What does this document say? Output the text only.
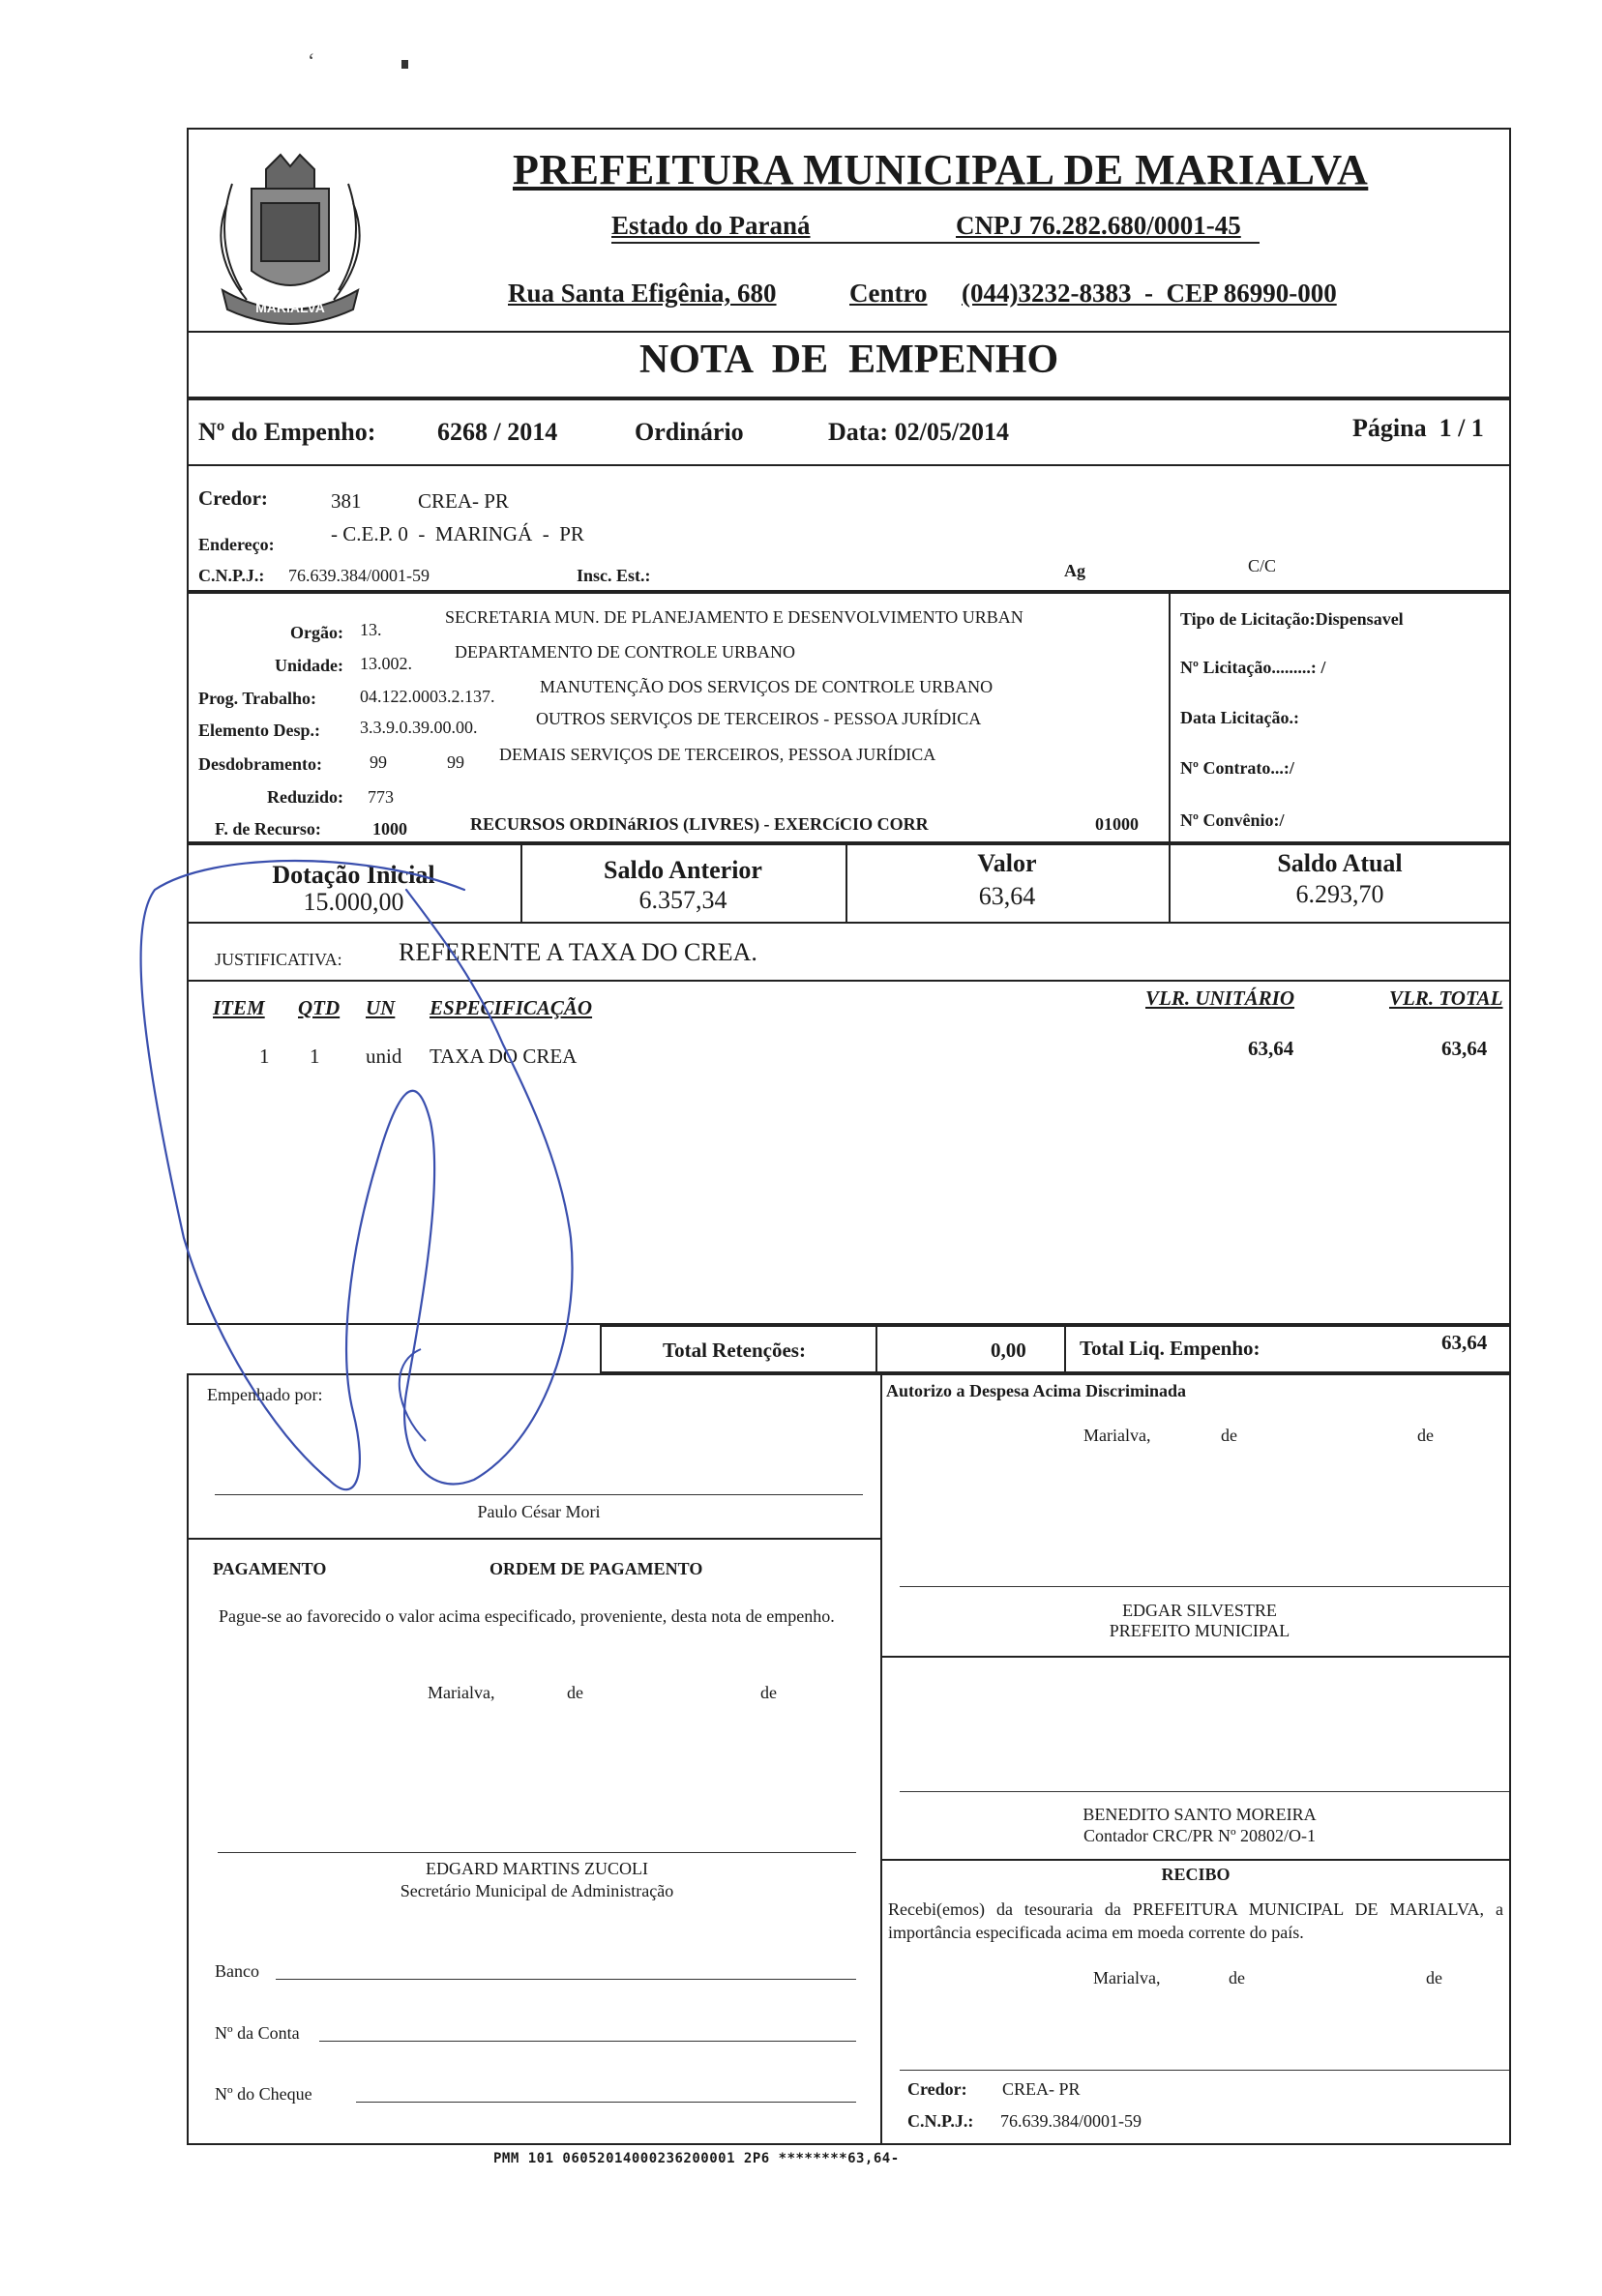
ʻ
MARIALVA
PREFEITURA MUNICIPAL DE MARIALVA
Estado do Paraná	CNPJ 76.282.680/0001-45
Rua Santa Efigênia, 680	Centro (044)3232-8383  -  CEP 86990-000
NOTA  DE  EMPENHO
Nº do Empenho: 6268 / 2014	Ordinário	Data: 02/05/2014	Página  1 / 1
Credor:	381	CREA- PR
Endereço:	- C.E.P. 0  -  MARINGÁ  -  PR
C.N.P.J.: 76.639.384/0001-59	Insc. Est.:	Ag	C/C
Orgão: 13.
SECRETARIA MUN. DE PLANEJAMENTO E DESENVOLVIMENTO URBAN
Unidade: 13.002.
DEPARTAMENTO DE CONTROLE URBANO
Prog. Trabalho: 04.122.0003.2.137.	MANUTENÇÃO DOS SERVIÇOS DE CONTROLE URBANO
Elemento Desp.: 3.3.9.0.39.00.00.	OUTROS SERVIÇOS DE TERCEIROS - PESSOA JURÍDICA
Desdobramento:	99	99 DEMAIS SERVIÇOS DE TERCEIROS, PESSOA JURÍDICA
Reduzido: 773
F. de Recurso:	1000	RECURSOS ORDINáRIOS (LIVRES) - EXERCíCIO CORR	01000
Tipo de Licitação:Dispensavel
Nº Licitação.........: /
Data Licitação.:
Nº Contrato...:/
Nº Convênio:/
Dotação Inicial
15.000,00
Saldo Anterior
6.357,34
Valor
63,64
Saldo Atual
6.293,70
JUSTIFICATIVA: REFERENTE A TAXA DO CREA.
ITEM QTD UN ESPECIFICAÇÃO	VLR. UNITÁRIO	VLR. TOTAL
1 1 unid TAXA DO CREA	63,64	63,64
Total Retenções:	0,00	Total Liq. Empenho:	63,64
Empenhado por:
Paulo César Mori
Autorizo a Despesa Acima Discriminada
Marialva,	de	de
PAGAMENTO	ORDEM DE PAGAMENTO
Pague-se ao favorecido o valor acima especificado, proveniente, desta nota de empenho.
Marialva,	de	de
EDGARD MARTINS ZUCOLI
Secretário Municipal de Administração
Banco
Nº da Conta
Nº do Cheque
EDGAR SILVESTRE
PREFEITO MUNICIPAL
BENEDITO SANTO MOREIRA
Contador CRC/PR Nº 20802/O-1
RECIBO
Recebi(emos) da tesouraria da PREFEITURA MUNICIPAL DE MARIALVA, a importância especificada acima em moeda corrente do país.
Marialva,	de	de
Credor: CREA- PR
C.N.P.J.: 76.639.384/0001-59
PMM 101 06052014000236200001 2P6 ********63,64-
